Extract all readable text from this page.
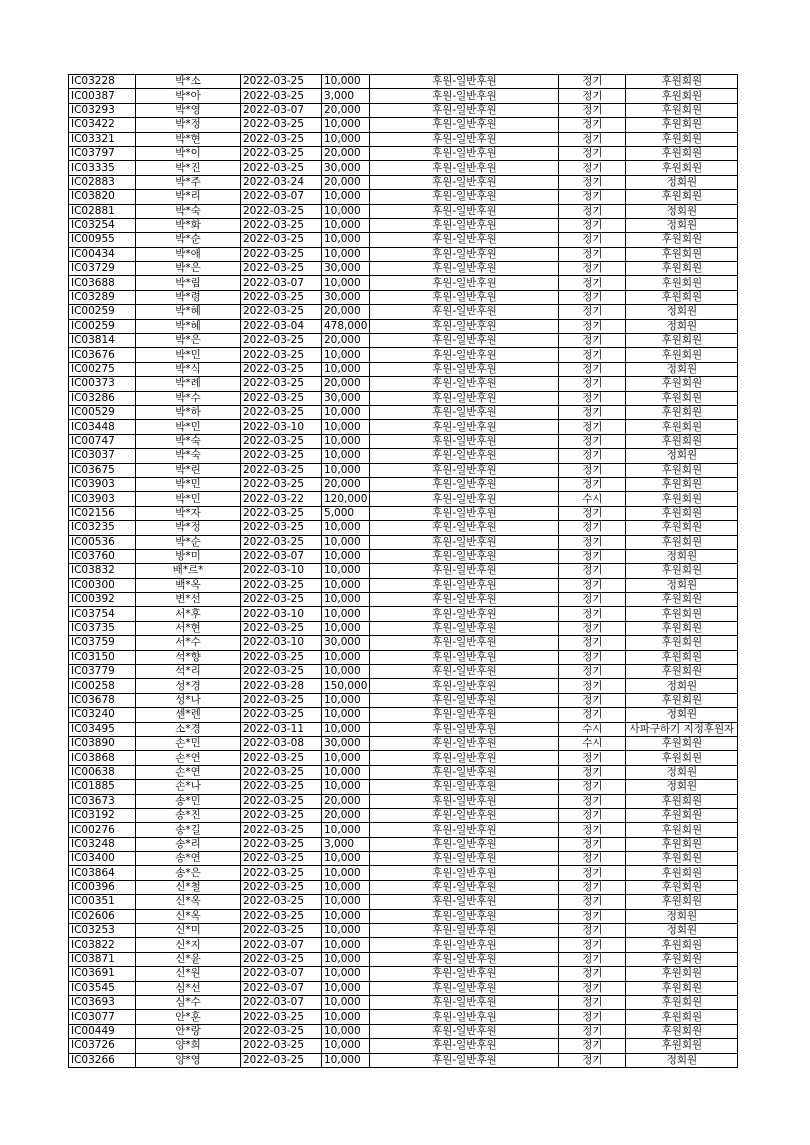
IC03228	박*소	2022-03-25	10,000	후원-일반후원	정기	후원회원
IC00387	박*아	2022-03-25	3,000	후원-일반후원	정기	후원회원
IC03293	박*영	2022-03-07	20,000	후원-일반후원	정기	후원회원
IC03422	박*정	2022-03-25	10,000	후원-일반후원	정기	후원회원
IC03321	박*현	2022-03-25	10,000	후원-일반후원	정기	후원회원
IC03797	박*이	2022-03-25	20,000	후원-일반후원	정기	후원회원
IC03335	박*진	2022-03-25	30,000	후원-일반후원	정기	후원회원
IC02883	박*주	2022-03-24	20,000	후원-일반후원	정기	정회원
IC03820	박*리	2022-03-07	10,000	후원-일반후원	정기	후원회원
IC02881	박*숙	2022-03-25	10,000	후원-일반후원	정기	정회원
IC03254	박*화	2022-03-25	10,000	후원-일반후원	정기	정회원
IC00955	박*순	2022-03-25	10,000	후원-일반후원	정기	후원회원
IC00434	박*애	2022-03-25	10,000	후원-일반후원	정기	후원회원
IC03729	박*은	2022-03-25	30,000	후원-일반후원	정기	후원회원
IC03688	박*림	2022-03-07	10,000	후원-일반후원	정기	후원회원
IC03289	박*령	2022-03-25	30,000	후원-일반후원	정기	후원회원
IC00259	박*혜	2022-03-25	20,000	후원-일반후원	정기	정회원
IC00259	박*혜	2022-03-04	478,000	후원-일반후원	정기	정회원
IC03814	박*은	2022-03-25	20,000	후원-일반후원	정기	후원회원
IC03676	박*민	2022-03-25	10,000	후원-일반후원	정기	후원회원
IC00275	박*식	2022-03-25	10,000	후원-일반후원	정기	정회원
IC00373	박*례	2022-03-25	20,000	후원-일반후원	정기	후원회원
IC03286	박*수	2022-03-25	30,000	후원-일반후원	정기	후원회원
IC00529	박*하	2022-03-25	10,000	후원-일반후원	정기	후원회원
IC03448	박*민	2022-03-10	10,000	후원-일반후원	정기	후원회원
IC00747	박*숙	2022-03-25	10,000	후원-일반후원	정기	후원회원
IC03037	박*숙	2022-03-25	10,000	후원-일반후원	정기	정회원
IC03675	박*린	2022-03-25	10,000	후원-일반후원	정기	후원회원
IC03903	박*민	2022-03-25	20,000	후원-일반후원	정기	후원회원
IC03903	박*민	2022-03-22	120,000	후원-일반후원	수시	후원회원
IC02156	박*자	2022-03-25	5,000	후원-일반후원	정기	후원회원
IC03235	박*정	2022-03-25	10,000	후원-일반후원	정기	후원회원
IC00536	박*순	2022-03-25	10,000	후원-일반후원	정기	후원회원
IC03760	방*미	2022-03-07	10,000	후원-일반후원	정기	정회원
IC03832	배*르*	2022-03-10	10,000	후원-일반후원	정기	후원회원
IC00300	백*옥	2022-03-25	10,000	후원-일반후원	정기	정회원
IC00392	변*선	2022-03-25	10,000	후원-일반후원	정기	후원회원
IC03754	서*후	2022-03-10	10,000	후원-일반후원	정기	후원회원
IC03735	서*현	2022-03-25	10,000	후원-일반후원	정기	후원회원
IC03759	서*수	2022-03-10	30,000	후원-일반후원	정기	후원회원
IC03150	석*향	2022-03-25	10,000	후원-일반후원	정기	후원회원
IC03779	석*리	2022-03-25	10,000	후원-일반후원	정기	후원회원
IC00258	성*경	2022-03-28	150,000	후원-일반후원	정기	정회원
IC03678	성*나	2022-03-25	10,000	후원-일반후원	정기	후원회원
IC03240	센*렌	2022-03-25	10,000	후원-일반후원	정기	정회원
IC03495	소*경	2022-03-11	10,000	후원-일반후원	수시	사파구하기 지정후원자
IC03890	손*민	2022-03-08	30,000	후원-일반후원	수시	후원회원
IC03868	손*연	2022-03-25	10,000	후원-일반후원	정기	후원회원
IC00638	손*연	2022-03-25	10,000	후원-일반후원	정기	정회원
IC01885	손*나	2022-03-25	10,000	후원-일반후원	정기	정회원
IC03673	송*민	2022-03-25	20,000	후원-일반후원	정기	후원회원
IC03192	송*진	2022-03-25	20,000	후원-일반후원	정기	후원회원
IC00276	송*길	2022-03-25	10,000	후원-일반후원	정기	후원회원
IC03248	송*리	2022-03-25	3,000	후원-일반후원	정기	후원회원
IC03400	송*연	2022-03-25	10,000	후원-일반후원	정기	후원회원
IC03864	송*은	2022-03-25	10,000	후원-일반후원	정기	후원회원
IC00396	신*철	2022-03-25	10,000	후원-일반후원	정기	후원회원
IC00351	신*옥	2022-03-25	10,000	후원-일반후원	정기	후원회원
IC02606	신*옥	2022-03-25	10,000	후원-일반후원	정기	정회원
IC03253	신*미	2022-03-25	10,000	후원-일반후원	정기	정회원
IC03822	신*지	2022-03-07	10,000	후원-일반후원	정기	후원회원
IC03871	신*윤	2022-03-25	10,000	후원-일반후원	정기	후원회원
IC03691	신*원	2022-03-07	10,000	후원-일반후원	정기	후원회원
IC03545	심*선	2022-03-07	10,000	후원-일반후원	정기	후원회원
IC03693	심*수	2022-03-07	10,000	후원-일반후원	정기	후원회원
IC03077	안*훈	2022-03-25	10,000	후원-일반후원	정기	후원회원
IC00449	안*랑	2022-03-25	10,000	후원-일반후원	정기	후원회원
IC03726	양*희	2022-03-25	10,000	후원-일반후원	정기	후원회원
IC03266	양*영	2022-03-25	10,000	후원-일반후원	정기	정회원
